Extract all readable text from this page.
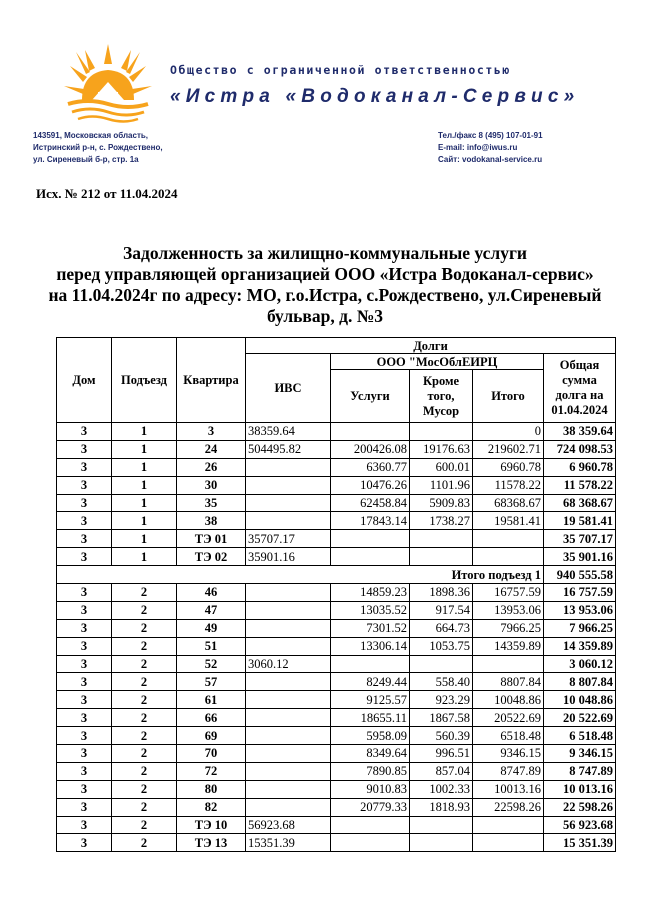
Общество с ограниченной ответственностью
«Истра «Водоканал-Сервис»
143591, Московская область,
Истринский р-н, с. Рождествено,
ул. Сиреневый б-р, стр. 1а
Тел./факс 8 (495) 107-01-91
E-mail: info@iwus.ru
Сайт: vodokanal-service.ru
Исх. № 212 от 11.04.2024
Задолженность за жилищно-коммунальные услуги
перед управляющей организацией ООО «Истра Водоканал-сервис»
на 11.04.2024г по адресу: МО, г.о.Истра, с.Рождествено, ул.Сиреневый
бульвар, д. №3
Дом	Подъезд	Квартира	Долги				
			ИВС	ООО "МосОблЕИРЦ			Общая сумма долга на 01.04.2024
				Услуги	Кроме того, Мусор	Итого	
3	1	3	38359.64			0	38 359.64
3	1	24	504495.82	200426.08	19176.63	219602.71	724 098.53
3	1	26		6360.77	600.01	6960.78	6 960.78
3	1	30		10476.26	1101.96	11578.22	11 578.22
3	1	35		62458.84	5909.83	68368.67	68 368.67
3	1	38		17843.14	1738.27	19581.41	19 581.41
3	1	ТЭ 01	35707.17				35 707.17
3	1	ТЭ 02	35901.16				35 901.16
Итого подъезд 1							940 555.58
3	2	46		14859.23	1898.36	16757.59	16 757.59
3	2	47		13035.52	917.54	13953.06	13 953.06
3	2	49		7301.52	664.73	7966.25	7 966.25
3	2	51		13306.14	1053.75	14359.89	14 359.89
3	2	52	3060.12				3 060.12
3	2	57		8249.44	558.40	8807.84	8 807.84
3	2	61		9125.57	923.29	10048.86	10 048.86
3	2	66		18655.11	1867.58	20522.69	20 522.69
3	2	69		5958.09	560.39	6518.48	6 518.48
3	2	70		8349.64	996.51	9346.15	9 346.15
3	2	72		7890.85	857.04	8747.89	8 747.89
3	2	80		9010.83	1002.33	10013.16	10 013.16
3	2	82		20779.33	1818.93	22598.26	22 598.26
3	2	ТЭ 10	56923.68				56 923.68
3	2	ТЭ 13	15351.39				15 351.39
